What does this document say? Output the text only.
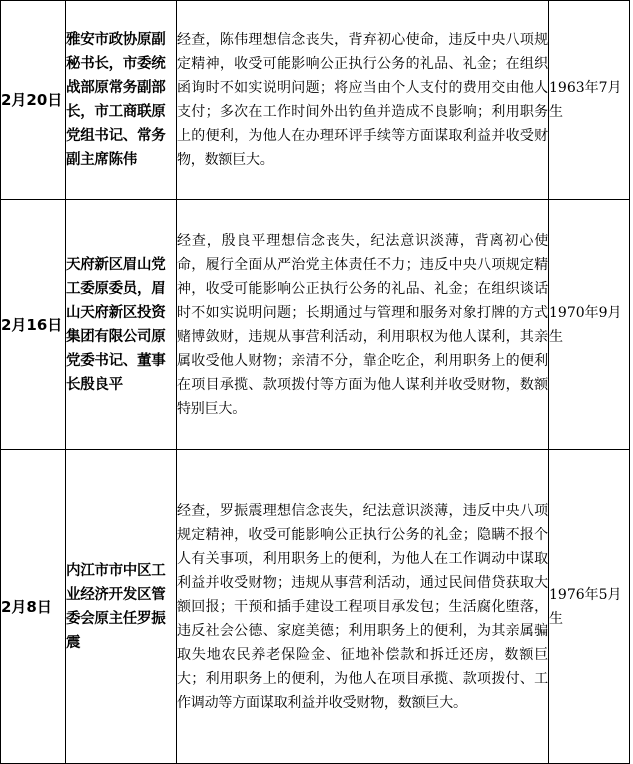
2月20日	雅安市政协原副秘书长，市委统战部原常务副部长，市工商联原党组书记、常务副主席陈伟	经查，陈伟理想信念丧失，背弃初心使命，违反中央八项规定精神，收受可能影响公正执行公务的礼品、礼金；在组织函询时不如实说明问题；将应当由个人支付的费用交由他人支付；多次在工作时间外出钓鱼并造成不良影响；利用职务上的便利，为他人在办理环评手续等方面谋取利益并收受财物，数额巨大。	1963年7月生

2月16日	天府新区眉山党工委原委员，眉山天府新区投资集团有限公司原党委书记、董事长殷良平	经查，殷良平理想信念丧失，纪法意识淡薄，背离初心使命，履行全面从严治党主体责任不力；违反中央八项规定精神，收受可能影响公正执行公务的礼品、礼金；在组织谈话时不如实说明问题；长期通过与管理和服务对象打牌的方式赌博敛财，违规从事营利活动，利用职权为他人谋利，其亲属收受他人财物；亲清不分，靠企吃企，利用职务上的便利在项目承揽、款项拨付等方面为他人谋利并收受财物，数额特别巨大。	1970年9月生

2月8日	内江市市中区工业经济开发区管委会原主任罗振震	经查，罗振震理想信念丧失，纪法意识淡薄，违反中央八项规定精神，收受可能影响公正执行公务的礼金；隐瞒不报个人有关事项，利用职务上的便利，为他人在工作调动中谋取利益并收受财物；违规从事营利活动，通过民间借贷获取大额回报；干预和插手建设工程项目承发包；生活腐化堕落，违反社会公德、家庭美德；利用职务上的便利，为其亲属骗取失地农民养老保险金、征地补偿款和拆迁还房，数额巨大；利用职务上的便利，为他人在项目承揽、款项拨付、工作调动等方面谋取利益并收受财物，数额巨大。	1976年5月生
